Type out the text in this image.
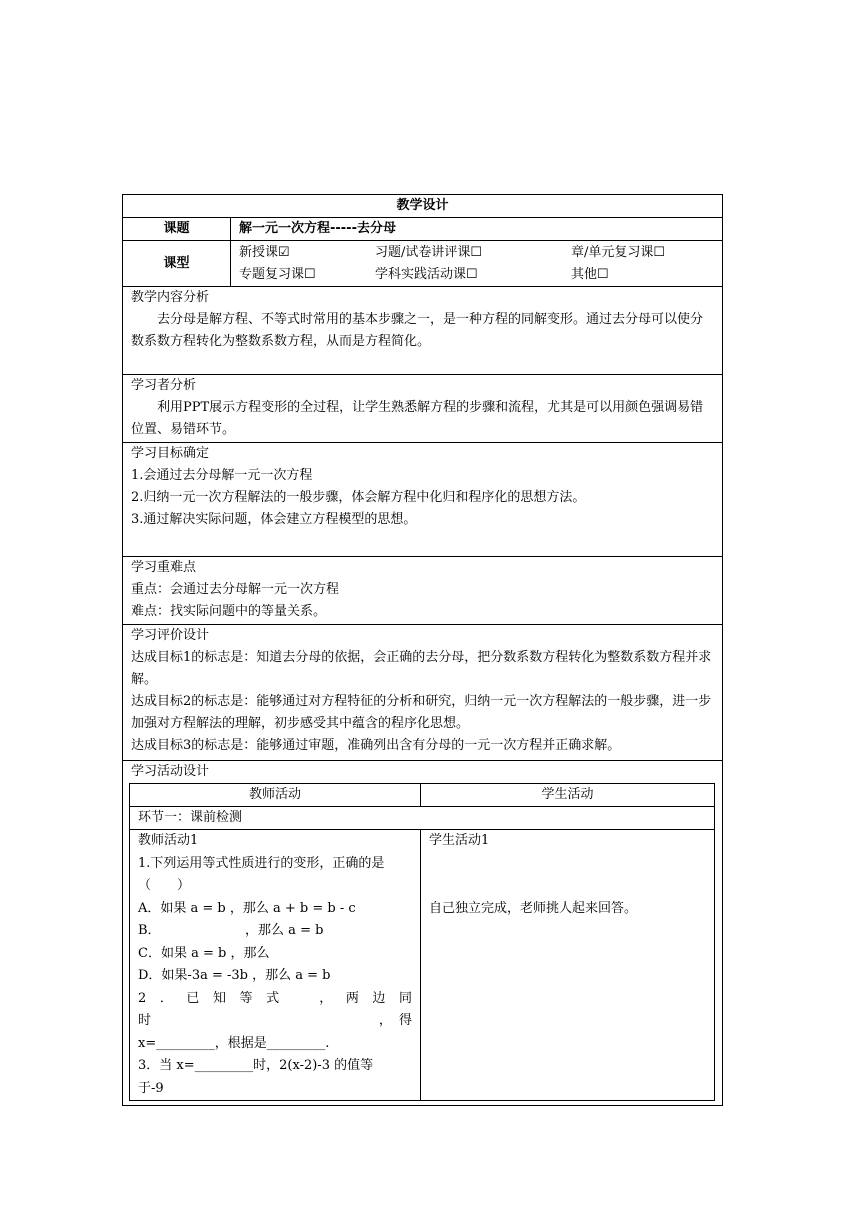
教学设计
课题	解一元一次方程-----去分母
课型	
新授课☑	习题/试卷讲评课☐	章/单元复习课☐
专题复习课☐	学科实践活动课☐	其他☐

教学内容分析
去分母是解方程、不等式时常用的基本步骤之一，是一种方程的同解变形。通过去分母可以使分数系数方程转化为整数系数方程，从而是方程简化。

学习者分析
利用PPT展示方程变形的全过程，让学生熟悉解方程的步骤和流程，尤其是可以用颜色强调易错位置、易错环节。

学习目标确定
1.会通过去分母解一元一次方程
2.归纳一元一次方程解法的一般步骤，体会解方程中化归和程序化的思想方法。
3.通过解决实际问题，体会建立方程模型的思想。

学习重难点
重点：会通过去分母解一元一次方程
难点：找实际问题中的等量关系。

学习评价设计
达成目标1的标志是：知道去分母的依据，会正确的去分母，把分数系数方程转化为整数系数方程并求解。
达成目标2的标志是：能够通过对方程特征的分析和研究，归纳一元一次方程解法的一般步骤，进一步加强对方程解法的理解，初步感受其中蕴含的程序化思想。
达成目标3的标志是：能够通过审题，准确列出含有分母的一元一次方程并正确求解。

学习活动设计
教师活动	学生活动
环节一：课前检测

教师活动1
1.下列运用等式性质进行的变形，正确的是（　　）
A．如果 a = b ，那么 a + b = b - c
B．　　　　　　　，那么 a = b
C．如果 a = b ，那么
D．如果-3a = -3b ，那么 a = b
2．已知等式　，两边同
时　　　　　　　　　　　，得
x=_________，根据是_________.
3．当 x=_________时，2(x-2)-3 的值等
于-9

学生活动1
自己独立完成，老师挑人起来回答。
